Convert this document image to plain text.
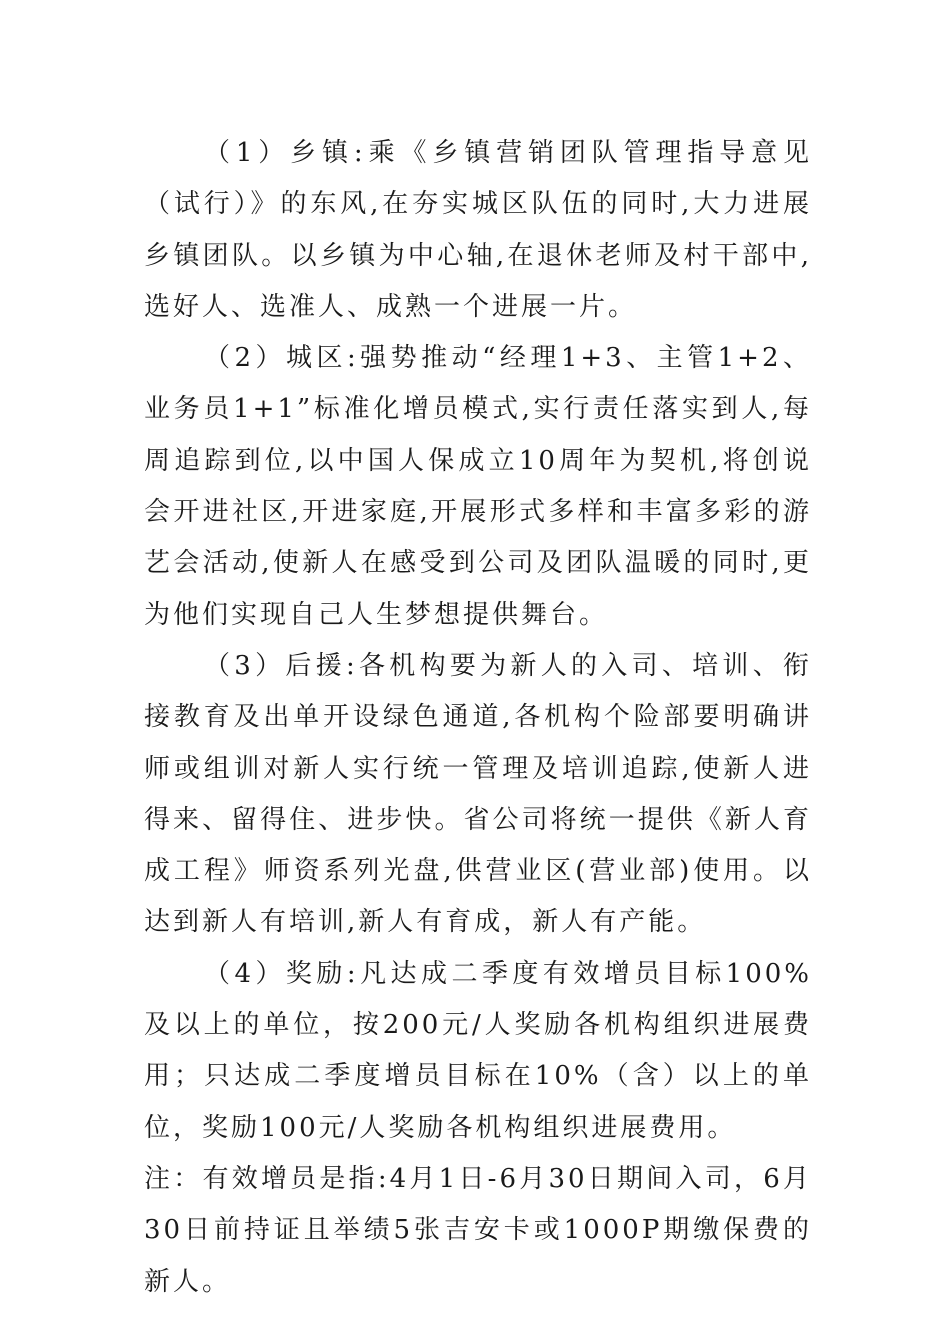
（1）乡镇:乘《乡镇营销团队管理指导意见（试行）》的东风,在夯实城区队伍的同时,大力进展乡镇团队。以乡镇为中心轴,在退休老师及村干部中,选好人、选准人、成熟一个进展一片。

（2）城区:强势推动“经理1+3、主管1+2、业务员1+1”标准化增员模式,实行责任落实到人,每周追踪到位,以中国人保成立10周年为契机,将创说会开进社区,开进家庭,开展形式多样和丰富多彩的游艺会活动,使新人在感受到公司及团队温暖的同时,更为他们实现自己人生梦想提供舞台。

（3）后援:各机构要为新人的入司、培训、衔接教育及出单开设绿色通道,各机构个险部要明确讲师或组训对新人实行统一管理及培训追踪,使新人进得来、留得住、进步快。省公司将统一提供《新人育成工程》师资系列光盘,供营业区(营业部)使用。以达到新人有培训,新人有育成，新人有产能。

（4）奖励:凡达成二季度有效增员目标100%及以上的单位，按200元/人奖励各机构组织进展费用；只达成二季度增员目标在10%（含）以上的单位，奖励100元/人奖励各机构组织进展费用。

注：有效增员是指:4月1日-6月30日期间入司，6月30日前持证且举绩5张吉安卡或1000P期缴保费的新人。
